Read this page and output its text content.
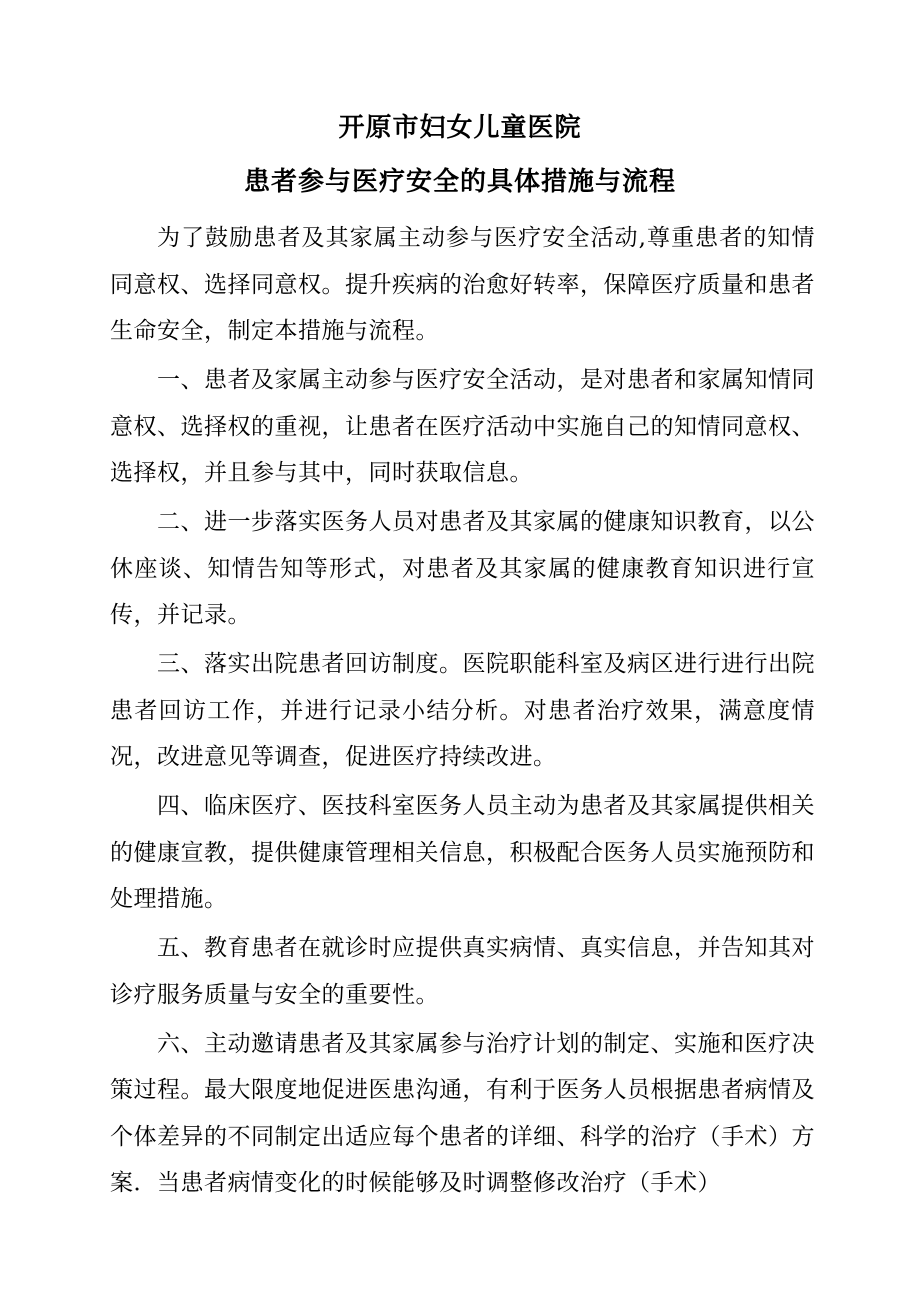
开原市妇女儿童医院
患者参与医疗安全的具体措施与流程

为了鼓励患者及其家属主动参与医疗安全活动,尊重患者的知情同意权、选择同意权。提升疾病的治愈好转率，保障医疗质量和患者生命安全，制定本措施与流程。

一、患者及家属主动参与医疗安全活动，是对患者和家属知情同意权、选择权的重视，让患者在医疗活动中实施自己的知情同意权、选择权，并且参与其中，同时获取信息。

二、进一步落实医务人员对患者及其家属的健康知识教育，以公休座谈、知情告知等形式，对患者及其家属的健康教育知识进行宣传，并记录。

三、落实出院患者回访制度。医院职能科室及病区进行进行出院患者回访工作，并进行记录小结分析。对患者治疗效果，满意度情况，改进意见等调查，促进医疗持续改进。

四、临床医疗、医技科室医务人员主动为患者及其家属提供相关的健康宣教，提供健康管理相关信息，积极配合医务人员实施预防和处理措施。

五、教育患者在就诊时应提供真实病情、真实信息，并告知其对诊疗服务质量与安全的重要性。

六、主动邀请患者及其家属参与治疗计划的制定、实施和医疗决策过程。最大限度地促进医患沟通，有利于医务人员根据患者病情及个体差异的不同制定出适应每个患者的详细、科学的治疗（手术）方案．当患者病情变化的时候能够及时调整修改治疗（手术）
